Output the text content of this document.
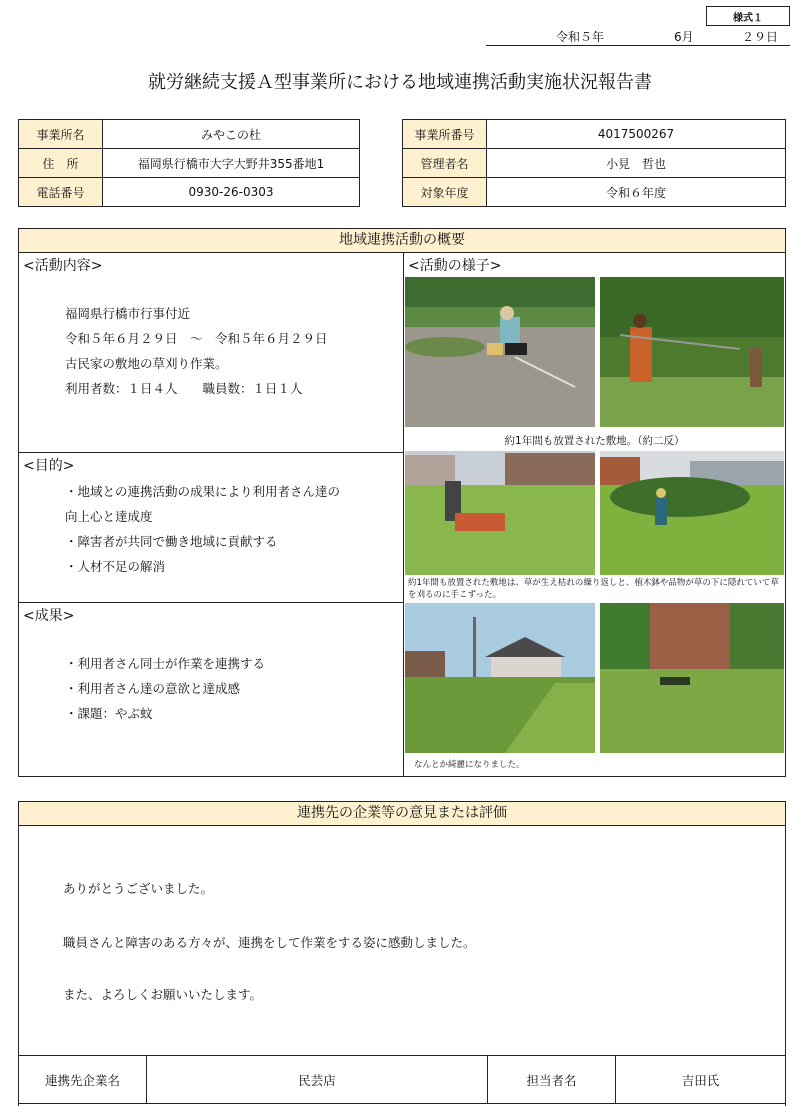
様式１
令和５年	6月	２９日
就労継続支援Ａ型事業所における地域連携活動実施状況報告書
事業所名	みやこの杜
住　所	福岡県行橋市大字大野井355番地1
電話番号	0930-26-0303
事業所番号	4017500267
管理者名	小見　哲也
対象年度	令和６年度
地域連携活動の概要
<活動内容>
福岡県行橋市行事付近
令和５年６月２９日　～　令和５年６月２９日
古民家の敷地の草刈り作業。
利用者数：１日４人　　職員数：１日１人
<目的>
・地域との連携活動の成果により利用者さん達の
向上心と達成度
・障害者が共同で働き地域に貢献する
・人材不足の解消
<成果>
・利用者さん同士が作業を連携する
・利用者さん達の意欲と達成感
・課題：やぶ蚊
<活動の様子>
約1年間も放置された敷地。（約二反）
約1年間も放置された敷地は、草が生え枯れの繰り返しと、植木鉢や品物が草の下に隠れていて草を刈るのに手こずった。
なんとか綺麗になりました。
連携先の企業等の意見または評価
ありがとうございました。
職員さんと障害のある方々が、連携をして作業をする姿に感動しました。
また、よろしくお願いいたします。
連携先企業名	民芸店	担当者名	吉田氏
